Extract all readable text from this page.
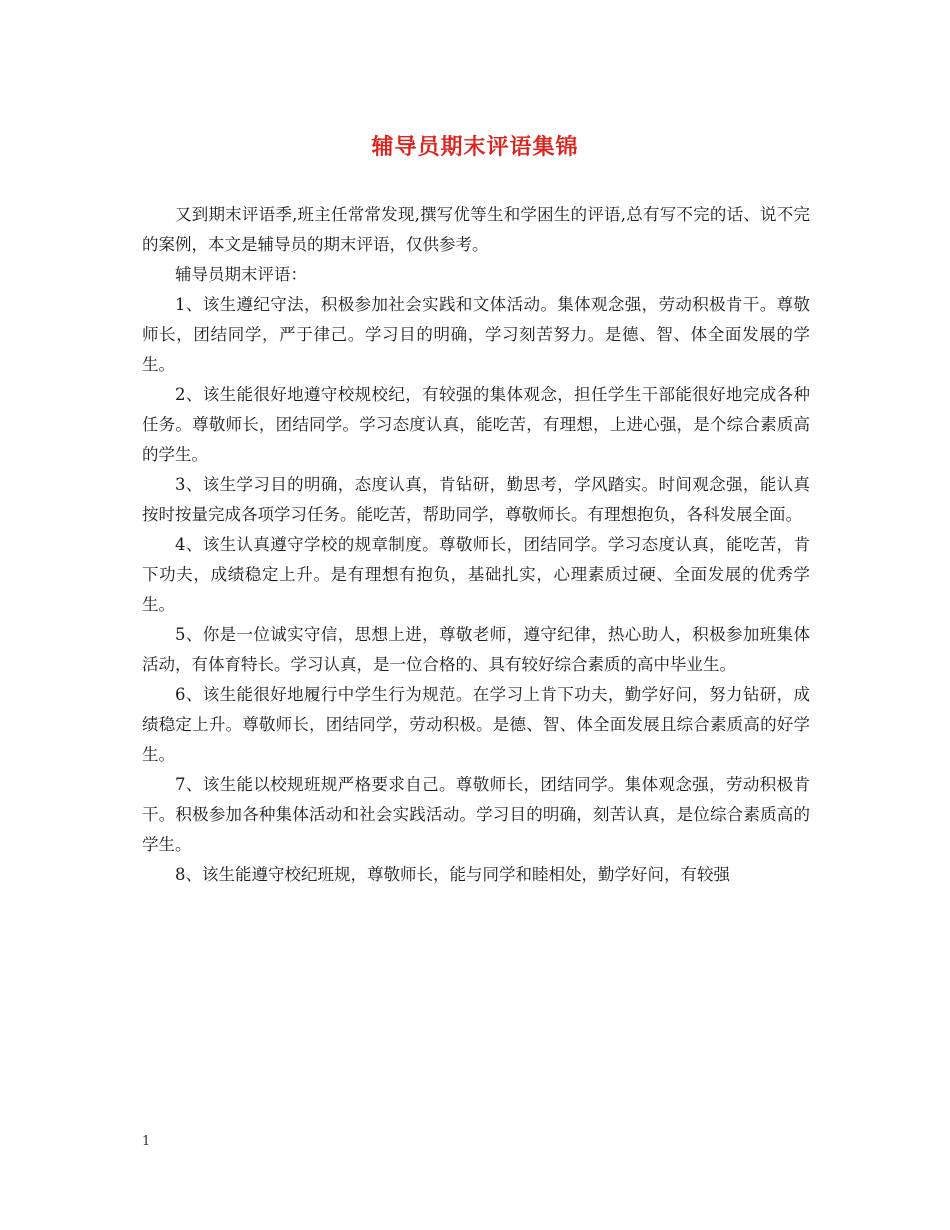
辅导员期末评语集锦

又到期末评语季,班主任常常发现,撰写优等生和学困生的评语,总有写不完的话、说不完的案例，本文是辅导员的期末评语，仅供参考。

辅导员期末评语：

1、该生遵纪守法，积极参加社会实践和文体活动。集体观念强，劳动积极肯干。尊敬师长，团结同学，严于律己。学习目的明确，学习刻苦努力。是德、智、体全面发展的学生。

2、该生能很好地遵守校规校纪，有较强的集体观念，担任学生干部能很好地完成各种任务。尊敬师长，团结同学。学习态度认真，能吃苦，有理想，上进心强，是个综合素质高的学生。

3、该生学习目的明确，态度认真，肯钻研，勤思考，学风踏实。时间观念强，能认真按时按量完成各项学习任务。能吃苦，帮助同学，尊敬师长。有理想抱负，各科发展全面。

4、该生认真遵守学校的规章制度。尊敬师长，团结同学。学习态度认真，能吃苦，肯下功夫，成绩稳定上升。是有理想有抱负，基础扎实，心理素质过硬、全面发展的优秀学生。

5、你是一位诚实守信，思想上进，尊敬老师，遵守纪律，热心助人，积极参加班集体活动，有体育特长。学习认真，是一位合格的、具有较好综合素质的高中毕业生。

6、该生能很好地履行中学生行为规范。在学习上肯下功夫，勤学好问，努力钻研，成绩稳定上升。尊敬师长，团结同学，劳动积极。是德、智、体全面发展且综合素质高的好学生。

7、该生能以校规班规严格要求自己。尊敬师长，团结同学。集体观念强，劳动积极肯干。积极参加各种集体活动和社会实践活动。学习目的明确，刻苦认真，是位综合素质高的学生。

8、该生能遵守校纪班规，尊敬师长，能与同学和睦相处，勤学好问，有较强

1
